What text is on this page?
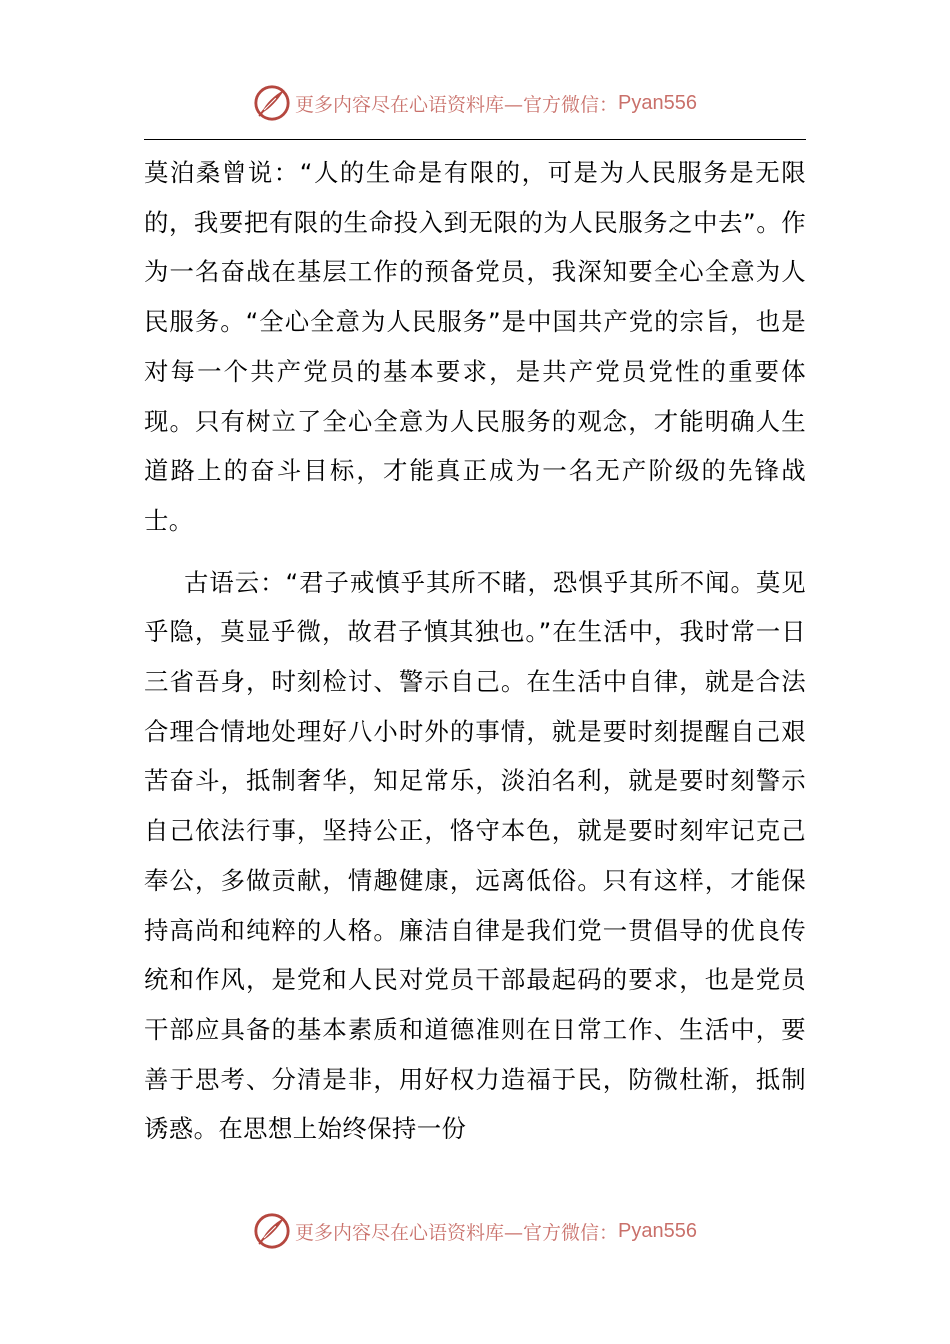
更多内容尽在心语资料库—官方微信： Pyan556

莫泊桑曾说：“人的生命是有限的，可是为人民服务是无限的，我要把有限的生命投入到无限的为人民服务之中去”。作为一名奋战在基层工作的预备党员，我深知要全心全意为人民服务。“全心全意为人民服务”是中国共产党的宗旨，也是对每一个共产党员的基本要求，是共产党员党性的重要体现。只有树立了全心全意为人民服务的观念，才能明确人生道路上的奋斗目标，才能真正成为一名无产阶级的先锋战士。

古语云：“君子戒慎乎其所不睹，恐惧乎其所不闻。莫见乎隐，莫显乎微，故君子慎其独也。”在生活中，我时常一日三省吾身，时刻检讨、警示自己。在生活中自律，就是合法合理合情地处理好八小时外的事情，就是要时刻提醒自己艰苦奋斗，抵制奢华，知足常乐，淡泊名利，就是要时刻警示自己依法行事，坚持公正，恪守本色，就是要时刻牢记克己奉公，多做贡献，情趣健康，远离低俗。只有这样，才能保持高尚和纯粹的人格。廉洁自律是我们党一贯倡导的优良传统和作风，是党和人民对党员干部最起码的要求，也是党员干部应具备的基本素质和道德准则在日常工作、生活中，要善于思考、分清是非，用好权力造福于民，防微杜渐，抵制诱惑。在思想上始终保持一份

更多内容尽在心语资料库—官方微信： Pyan556
